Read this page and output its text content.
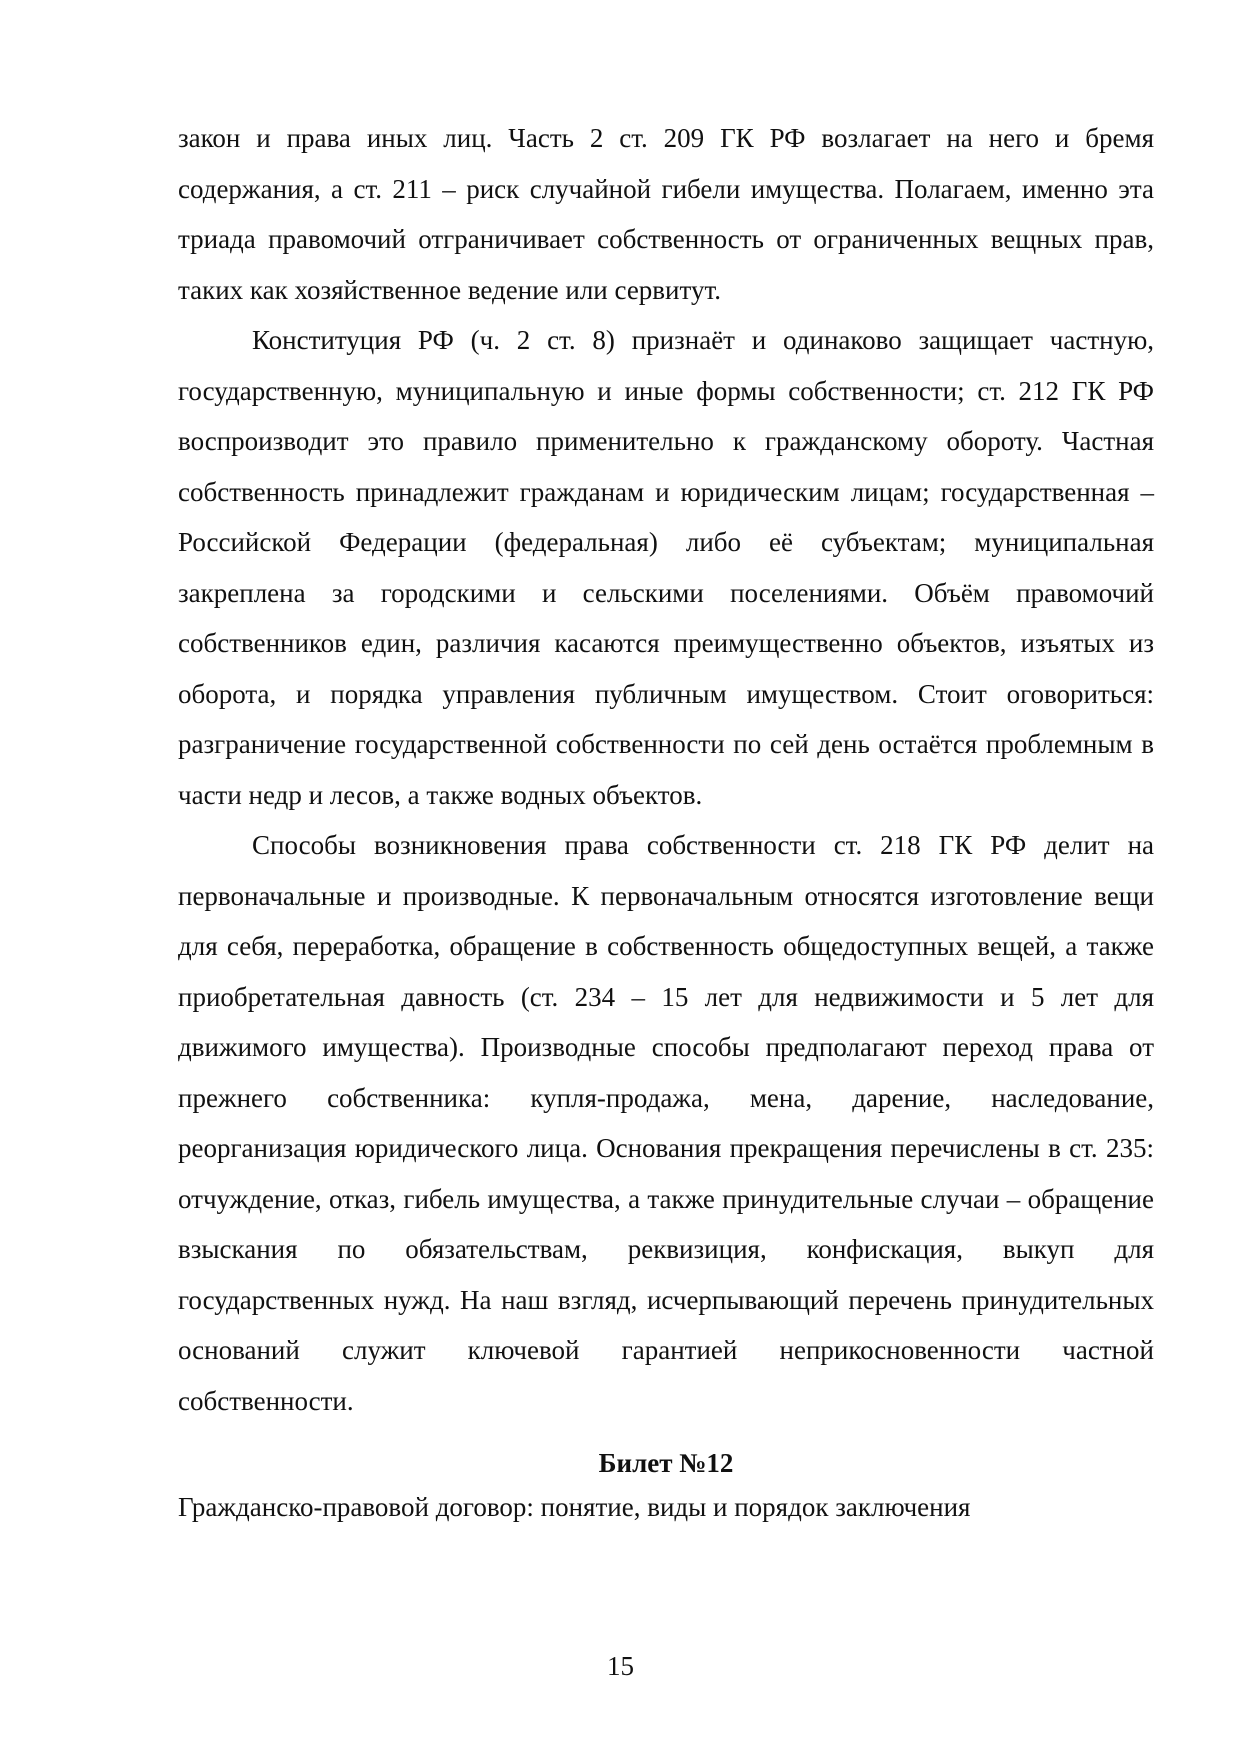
закон и права иных лиц. Часть 2 ст. 209 ГК РФ возлагает на него и бремя содержания, а ст. 211 – риск случайной гибели имущества. Полагаем, именно эта триада правомочий отграничивает собственность от ограниченных вещных прав, таких как хозяйственное ведение или сервитут.

Конституция РФ (ч. 2 ст. 8) признаёт и одинаково защищает частную, государственную, муниципальную и иные формы собственности; ст. 212 ГК РФ воспроизводит это правило применительно к гражданскому обороту. Частная собственность принадлежит гражданам и юридическим лицам; государственная – Российской Федерации (федеральная) либо её субъектам; муниципальная закреплена за городскими и сельскими поселениями. Объём правомочий собственников един, различия касаются преимущественно объектов, изъятых из оборота, и порядка управления публичным имуществом. Стоит оговориться: разграничение государственной собственности по сей день остаётся проблемным в части недр и лесов, а также водных объектов.

Способы возникновения права собственности ст. 218 ГК РФ делит на первоначальные и производные. К первоначальным относятся изготовление вещи для себя, переработка, обращение в собственность общедоступных вещей, а также приобретательная давность (ст. 234 – 15 лет для недвижимости и 5 лет для движимого имущества). Производные способы предполагают переход права от прежнего собственника: купля-продажа, мена, дарение, наследование, реорганизация юридического лица. Основания прекращения перечислены в ст. 235: отчуждение, отказ, гибель имущества, а также принудительные случаи – обращение взыскания по обязательствам, реквизиция, конфискация, выкуп для государственных нужд. На наш взгляд, исчерпывающий перечень принудительных оснований служит ключевой гарантией неприкосновенности частной собственности.

Билет №12

Гражданско-правовой договор: понятие, виды и порядок заключения

15
